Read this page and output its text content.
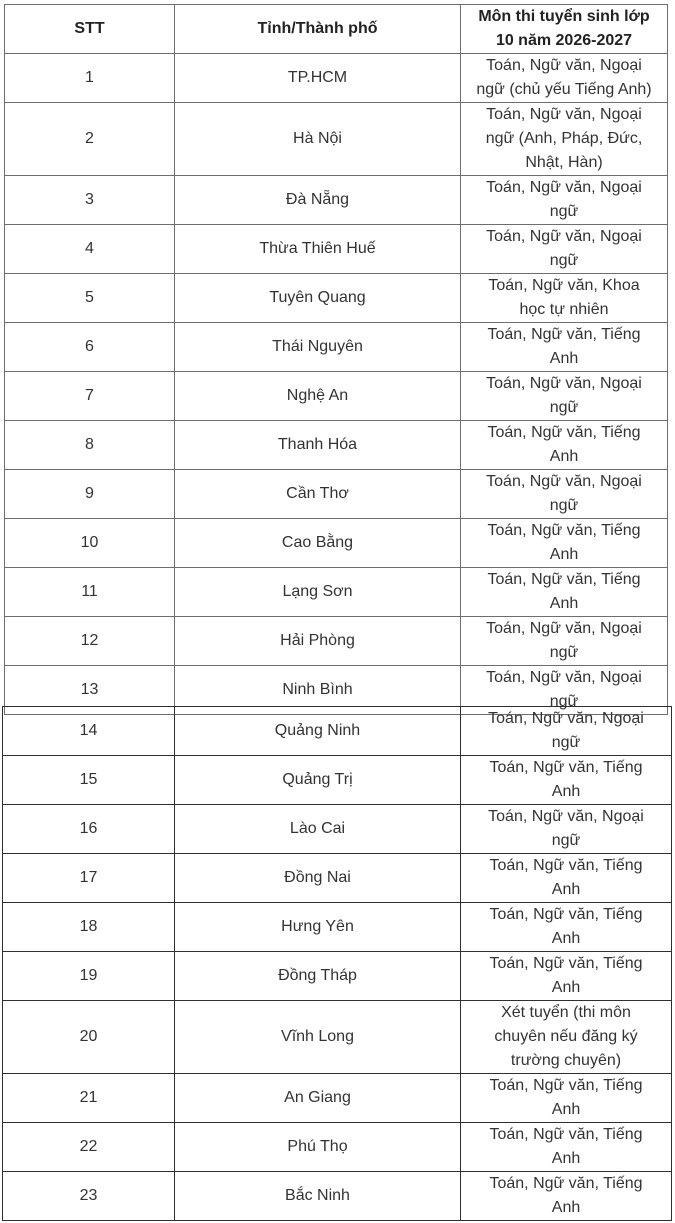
STT	Tỉnh/Thành phố	Môn thi tuyển sinh lớp
10 năm 2026-2027

1	TP.HCM	Toán, Ngữ văn, Ngoại
ngữ (chủ yếu Tiếng Anh)

2	Hà Nội	Toán, Ngữ văn, Ngoại
ngữ (Anh, Pháp, Đức,
Nhật, Hàn)

3	Đà Nẵng	Toán, Ngữ văn, Ngoại
ngữ

4	Thừa Thiên Huế	Toán, Ngữ văn, Ngoại
ngữ

5	Tuyên Quang	Toán, Ngữ văn, Khoa
học tự nhiên

6	Thái Nguyên	Toán, Ngữ văn, Tiếng
Anh

7	Nghệ An	Toán, Ngữ văn, Ngoại
ngữ

8	Thanh Hóa	Toán, Ngữ văn, Tiếng
Anh

9	Cần Thơ	Toán, Ngữ văn, Ngoại
ngữ

10	Cao Bằng	Toán, Ngữ văn, Tiếng
Anh

11	Lạng Sơn	Toán, Ngữ văn, Tiếng
Anh

12	Hải Phòng	Toán, Ngữ văn, Ngoại
ngữ

13	Ninh Bình	Toán, Ngữ văn, Ngoại
ngữ
14	Quảng Ninh	Toán, Ngữ văn, Ngoại
ngữ

15	Quảng Trị	Toán, Ngữ văn, Tiếng
Anh

16	Lào Cai	Toán, Ngữ văn, Ngoại
ngữ

17	Đồng Nai	Toán, Ngữ văn, Tiếng
Anh

18	Hưng Yên	Toán, Ngữ văn, Tiếng
Anh

19	Đồng Tháp	Toán, Ngữ văn, Tiếng
Anh

20	Vĩnh Long	Xét tuyển (thi môn
chuyên nếu đăng ký
trường chuyên)

21	An Giang	Toán, Ngữ văn, Tiếng
Anh

22	Phú Thọ	Toán, Ngữ văn, Tiếng
Anh

23	Bắc Ninh	Toán, Ngữ văn, Tiếng
Anh
